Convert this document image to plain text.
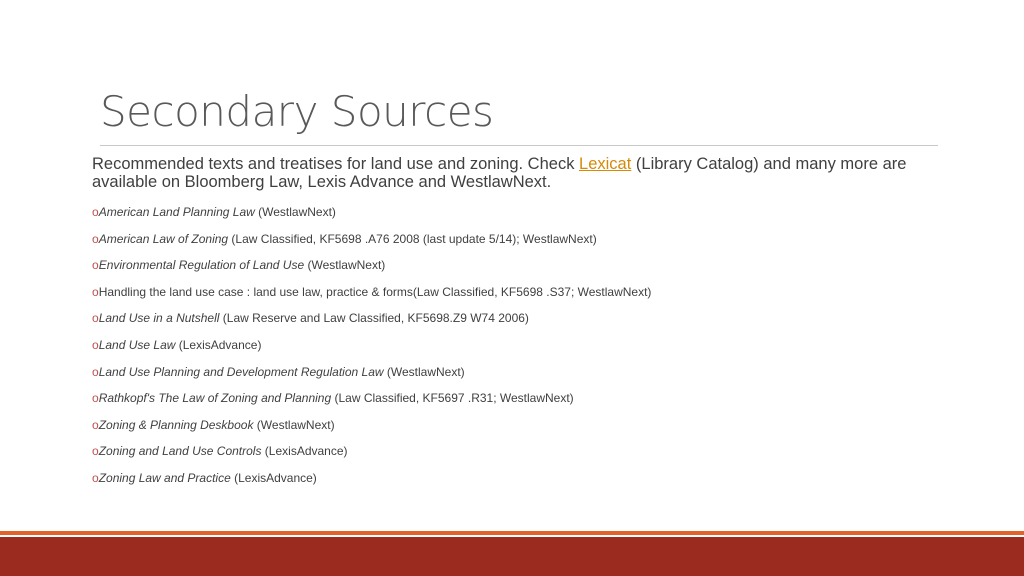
Secondary Sources
Recommended texts and treatises for land use and zoning. Check Lexicat (Library Catalog) and many more are available on Bloomberg Law, Lexis Advance and WestlawNext.
oAmerican Land Planning Law (WestlawNext)
oAmerican Law of Zoning (Law Classified, KF5698 .A76 2008 (last update 5/14); WestlawNext)
oEnvironmental Regulation of Land Use (WestlawNext)
oHandling the land use case : land use law, practice & forms(Law Classified, KF5698 .S37; WestlawNext)
oLand Use in a Nutshell (Law Reserve and Law Classified, KF5698.Z9 W74 2006)
oLand Use Law (LexisAdvance)
oLand Use Planning and Development Regulation Law (WestlawNext)
oRathkopf's The Law of Zoning and Planning (Law Classified, KF5697 .R31; WestlawNext)
oZoning & Planning Deskbook (WestlawNext)
oZoning and Land Use Controls (LexisAdvance)
oZoning Law and Practice (LexisAdvance)
